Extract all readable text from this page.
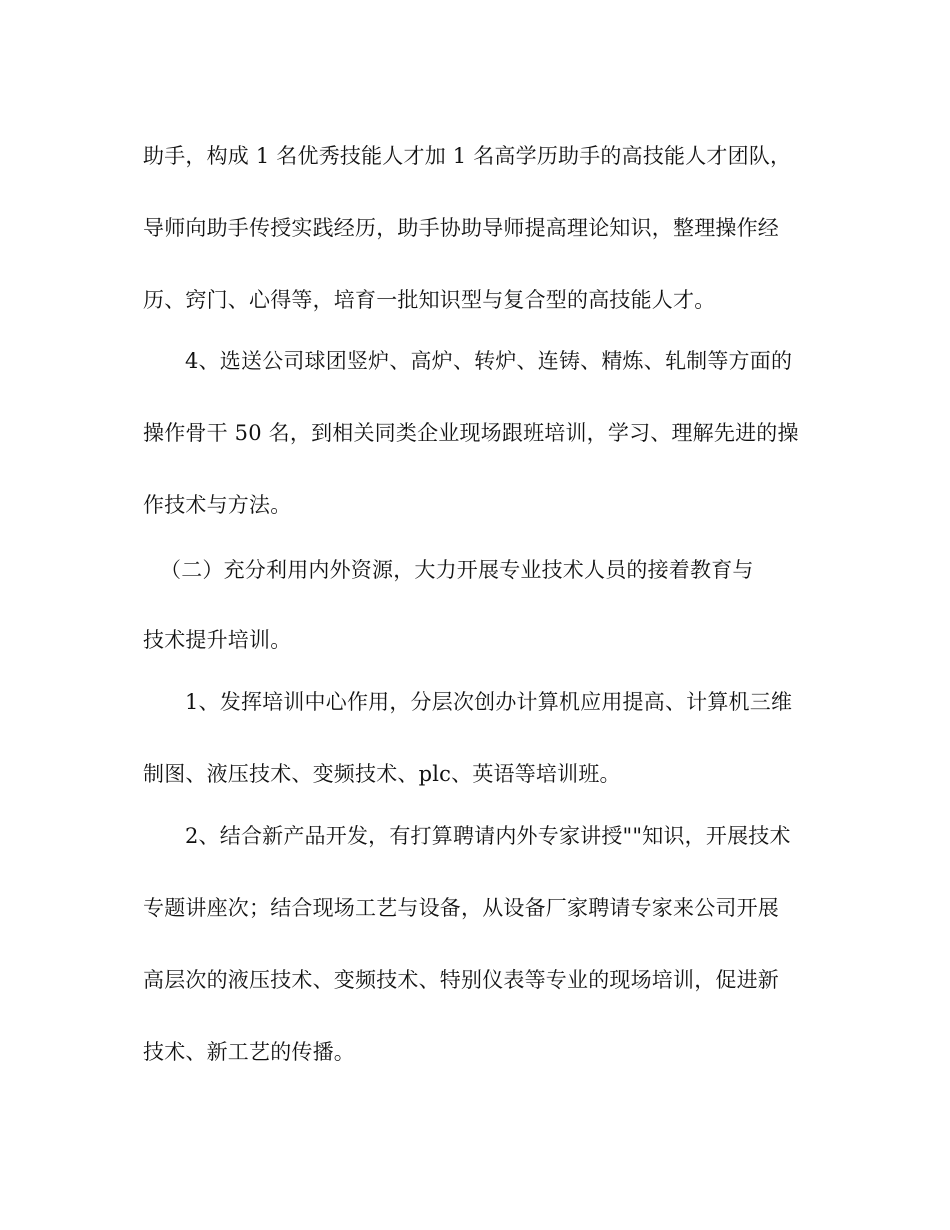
助手，构成 1 名优秀技能人才加 1 名高学历助手的高技能人才团队，
导师向助手传授实践经历，助手协助导师提高理论知识，整理操作经
历、窍门、心得等，培育一批知识型与复合型的高技能人才。
4、选送公司球团竖炉、高炉、转炉、连铸、精炼、轧制等方面的
操作骨干 50 名，到相关同类企业现场跟班培训，学习、理解先进的操
作技术与方法。
（二）充分利用内外资源，大力开展专业技术人员的接着教育与
技术提升培训。
1、发挥培训中心作用，分层次创办计算机应用提高、计算机三维
制图、液压技术、变频技术、plc、英语等培训班。
2、结合新产品开发，有打算聘请内外专家讲授""知识，开展技术
专题讲座次；结合现场工艺与设备，从设备厂家聘请专家来公司开展
高层次的液压技术、变频技术、特别仪表等专业的现场培训，促进新
技术、新工艺的传播。
